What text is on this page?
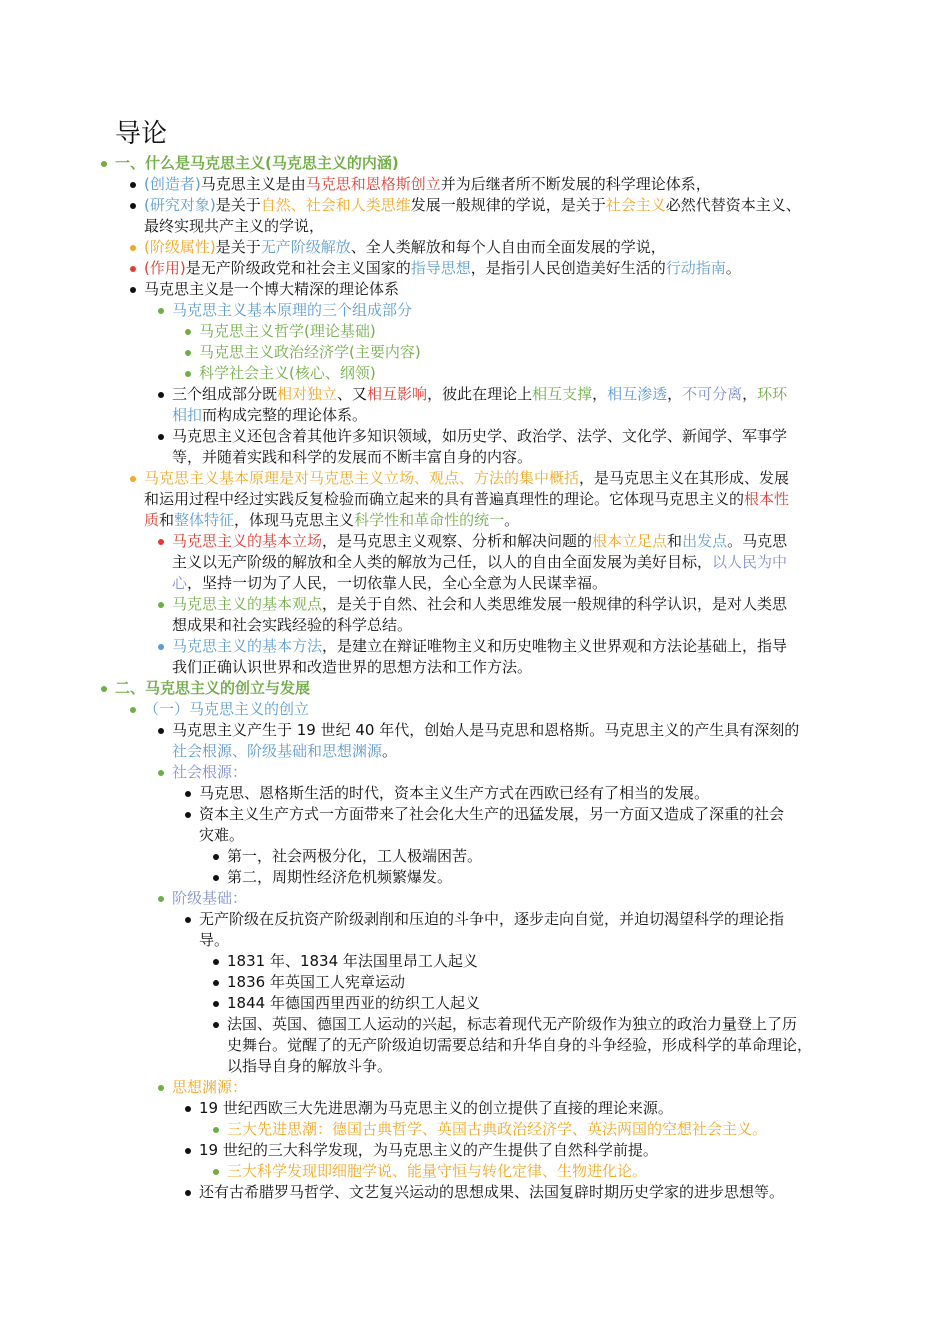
导论
一、什么是马克思主义(马克思主义的内涵)
(创造者)马克思主义是由马克思和恩格斯创立并为后继者所不断发展的科学理论体系，
(研究对象)是关于自然、社会和人类思维发展一般规律的学说，是关于社会主义必然代替资本主义、
最终实现共产主义的学说，
(阶级属性)是关于无产阶级解放、全人类解放和每个人自由而全面发展的学说，
(作用)是无产阶级政党和社会主义国家的指导思想，是指引人民创造美好生活的行动指南。
马克思主义是一个博大精深的理论体系
马克思主义基本原理的三个组成部分
马克思主义哲学(理论基础)
马克思主义政治经济学(主要内容)
科学社会主义(核心、纲领)
三个组成部分既相对独立、又相互影响，彼此在理论上相互支撑，相互渗透，不可分离，环环
相扣而构成完整的理论体系。
马克思主义还包含着其他许多知识领域，如历史学、政治学、法学、文化学、新闻学、军事学
等，并随着实践和科学的发展而不断丰富自身的内容。
马克思主义基本原理是对马克思主义立场、观点、方法的集中概括，是马克思主义在其形成、发展
和运用过程中经过实践反复检验而确立起来的具有普遍真理性的理论。它体现马克思主义的根本性
质和整体特征，体现马克思主义科学性和革命性的统一。
马克思主义的基本立场，是马克思主义观察、分析和解决问题的根本立足点和出发点。马克思
主义以无产阶级的解放和全人类的解放为己任，以人的自由全面发展为美好目标，以人民为中
心，坚持一切为了人民，一切依靠人民，全心全意为人民谋幸福。
马克思主义的基本观点，是关于自然、社会和人类思维发展一般规律的科学认识，是对人类思
想成果和社会实践经验的科学总结。
马克思主义的基本方法，是建立在辩证唯物主义和历史唯物主义世界观和方法论基础上，指导
我们正确认识世界和改造世界的思想方法和工作方法。
二、马克思主义的创立与发展
（一）马克思主义的创立
马克思主义产生于 19 世纪 40 年代，创始人是马克思和恩格斯。马克思主义的产生具有深刻的
社会根源、阶级基础和思想渊源。
社会根源：
马克思、恩格斯生活的时代，资本主义生产方式在西欧已经有了相当的发展。
资本主义生产方式一方面带来了社会化大生产的迅猛发展，另一方面又造成了深重的社会
灾难。
第一，社会两极分化，工人极端困苦。
第二，周期性经济危机频繁爆发。
阶级基础：
无产阶级在反抗资产阶级剥削和压迫的斗争中，逐步走向自觉，并迫切渴望科学的理论指
导。
1831 年、1834 年法国里昂工人起义
1836 年英国工人宪章运动
1844 年德国西里西亚的纺织工人起义
法国、英国、德国工人运动的兴起，标志着现代无产阶级作为独立的政治力量登上了历
史舞台。觉醒了的无产阶级迫切需要总结和升华自身的斗争经验，形成科学的革命理论，
以指导自身的解放斗争。
思想渊源：
19 世纪西欧三大先进思潮为马克思主义的创立提供了直接的理论来源。
三大先进思潮：德国古典哲学、英国古典政治经济学、英法两国的空想社会主义。
19 世纪的三大科学发现，为马克思主义的产生提供了自然科学前提。
三大科学发现即细胞学说、能量守恒与转化定律、生物进化论。
还有古希腊罗马哲学、文艺复兴运动的思想成果、法国复辟时期历史学家的进步思想等。
